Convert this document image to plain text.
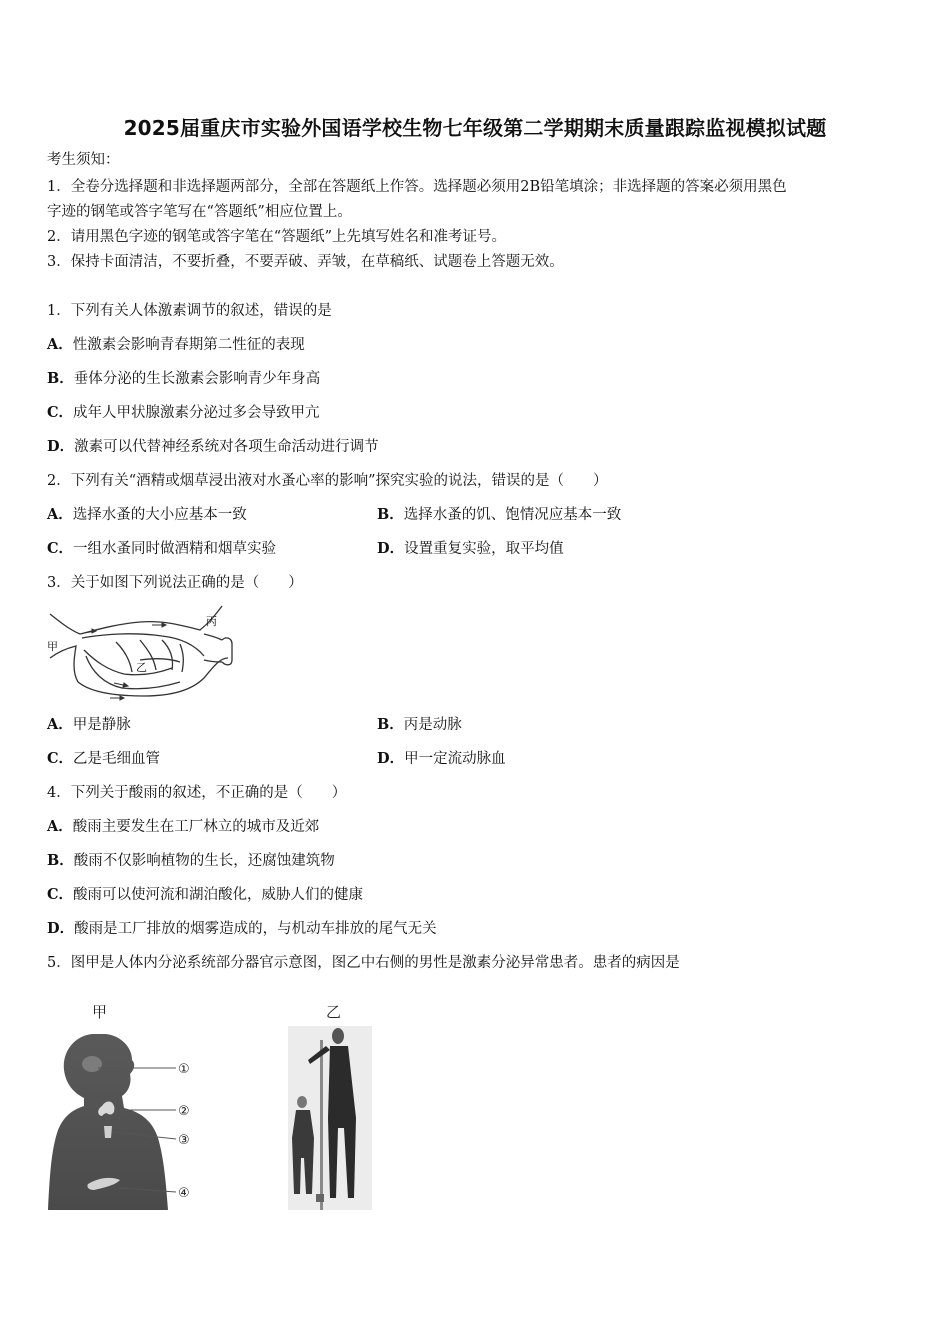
2025届重庆市实验外国语学校生物七年级第二学期期末质量跟踪监视模拟试题
考生须知：
1．全卷分选择题和非选择题两部分，全部在答题纸上作答。选择题必须用2B铅笔填涂；非选择题的答案必须用黑色
字迹的钢笔或答字笔写在“答题纸”相应位置上。
2．请用黑色字迹的钢笔或答字笔在“答题纸”上先填写姓名和准考证号。
3．保持卡面清洁，不要折叠，不要弄破、弄皱，在草稿纸、试题卷上答题无效。
1．下列有关人体激素调节的叙述，错误的是
A．性激素会影响青春期第二性征的表现
B．垂体分泌的生长激素会影响青少年身高
C．成年人甲状腺激素分泌过多会导致甲亢
D．激素可以代替神经系统对各项生命活动进行调节
2．下列有关“酒精或烟草浸出液对水蚤心率的影响”探究实验的说法，错误的是（　　）
A．选择水蚤的大小应基本一致	B．选择水蚤的饥、饱情况应基本一致
C．一组水蚤同时做酒精和烟草实验	D．设置重复实验，取平均值
3．关于如图下列说法正确的是（　　）
甲
乙
丙
A．甲是静脉	B．丙是动脉
C．乙是毛细血管	D．甲一定流动脉血
4．下列关于酸雨的叙述，不正确的是（　　）
A．酸雨主要发生在工厂林立的城市及近郊
B．酸雨不仅影响植物的生长，还腐蚀建筑物
C．酸雨可以使河流和湖泊酸化，威胁人们的健康
D．酸雨是工厂排放的烟雾造成的，与机动车排放的尾气无关
5．图甲是人体内分泌系统部分器官示意图，图乙中右侧的男性是激素分泌异常患者。患者的病因是
甲
①
②
③
④
乙
